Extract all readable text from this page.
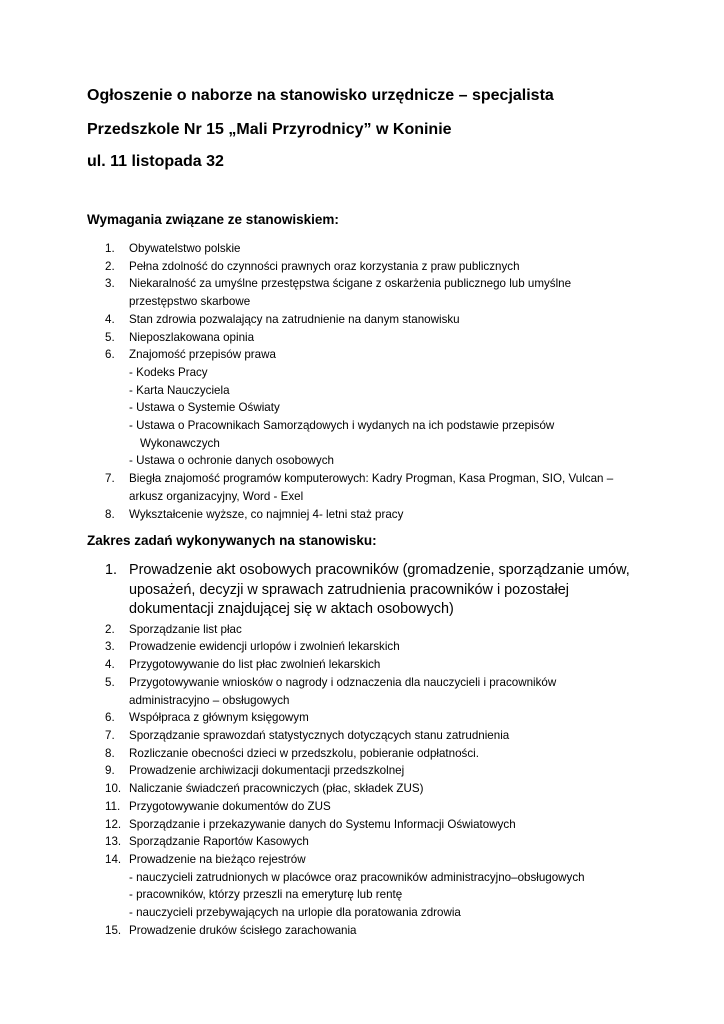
Ogłoszenie o naborze na stanowisko urzędnicze – specjalista
Przedszkole Nr 15 „Mali Przyrodnicy” w Koninie
ul. 11 listopada 32
Wymagania związane ze stanowiskiem:
1.	Obywatelstwo polskie
2.	Pełna zdolność do czynności prawnych oraz korzystania z praw publicznych
3.	Niekaralność za umyślne przestępstwa ścigane z oskarżenia publicznego lub umyślne przestępstwo skarbowe
4.	Stan zdrowia pozwalający na zatrudnienie na danym stanowisku
5.	Nieposzlakowana opinia
6.	Znajomość przepisów prawa
- Kodeks Pracy
- Karta Nauczyciela
- Ustawa o Systemie Oświaty
- Ustawa o Pracownikach Samorządowych i wydanych na ich podstawie przepisów
Wykonawczych
- Ustawa o ochronie danych osobowych
7.	Biegła znajomość programów komputerowych: Kadry Progman, Kasa Progman, SIO, Vulcan – arkusz organizacyjny, Word - Exel
8.	Wykształcenie wyższe, co najmniej 4- letni staż pracy
Zakres zadań wykonywanych na stanowisku:
1. Prowadzenie akt osobowych pracowników (gromadzenie, sporządzanie umów, uposażeń, decyzji w sprawach zatrudnienia pracowników i pozostałej dokumentacji znajdującej się w aktach osobowych)
2.	Sporządzanie list płac
3.	Prowadzenie ewidencji urlopów i zwolnień lekarskich
4.	Przygotowywanie do list płac zwolnień lekarskich
5.	Przygotowywanie wniosków o nagrody i odznaczenia dla nauczycieli i pracowników administracyjno – obsługowych
6.	Współpraca z głównym księgowym
7.	Sporządzanie sprawozdań statystycznych dotyczących stanu zatrudnienia
8.	Rozliczanie obecności dzieci w przedszkolu, pobieranie odpłatności.
9.	Prowadzenie archiwizacji dokumentacji przedszkolnej
10. Naliczanie świadczeń pracowniczych (płac, składek ZUS)
11. Przygotowywanie dokumentów do ZUS
12. Sporządzanie i przekazywanie danych do Systemu Informacji Oświatowych
13. Sporządzanie Raportów Kasowych
14. Prowadzenie na bieżąco rejestrów
- nauczycieli zatrudnionych w placówce oraz pracowników administracyjno–obsługowych
- pracowników, którzy przeszli na emeryturę lub rentę
- nauczycieli przebywających na urlopie dla poratowania zdrowia
15. Prowadzenie druków ścisłego zarachowania
